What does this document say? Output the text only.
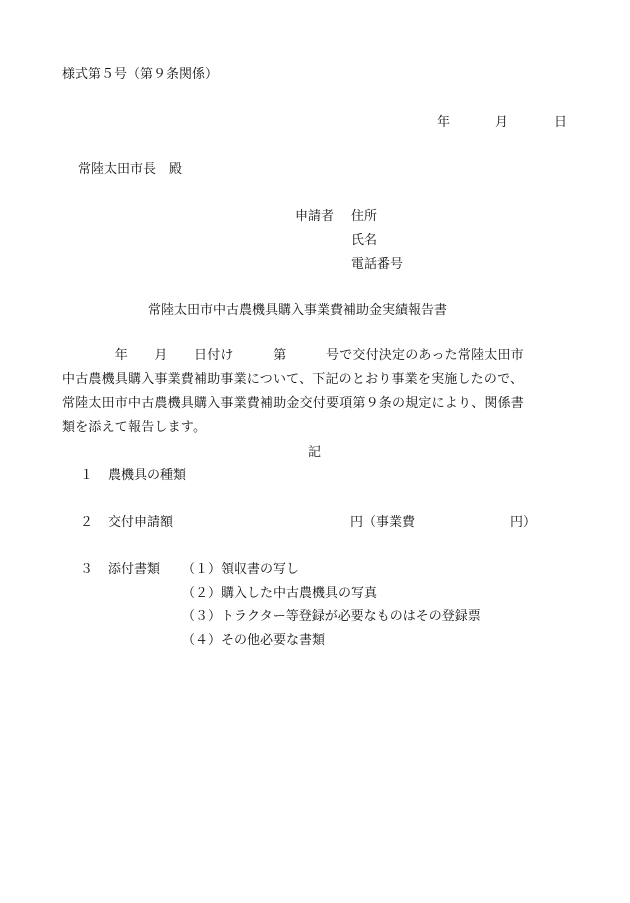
様式第５号（第９条関係）
年	月	日
常陸太田市長　殿
申請者 住所
氏名
電話番号
常陸太田市中古農機具購入事業費補助金実績報告書
　　　　年　　月　　日付け　　　第　　　号で交付決定のあった常陸太田市
中古農機具購入事業費補助事業について、下記のとおり事業を実施したので、
常陸太田市中古農機具購入事業費補助金交付要項第９条の規定により、関係書
類を添えて報告します。
記
１ 農機具の種類
２ 交付申請額	円（事業費	円）
３ 添付書類 （１）領収書の写し
（２）購入した中古農機具の写真
（３）トラクター等登録が必要なものはその登録票
（４）その他必要な書類
